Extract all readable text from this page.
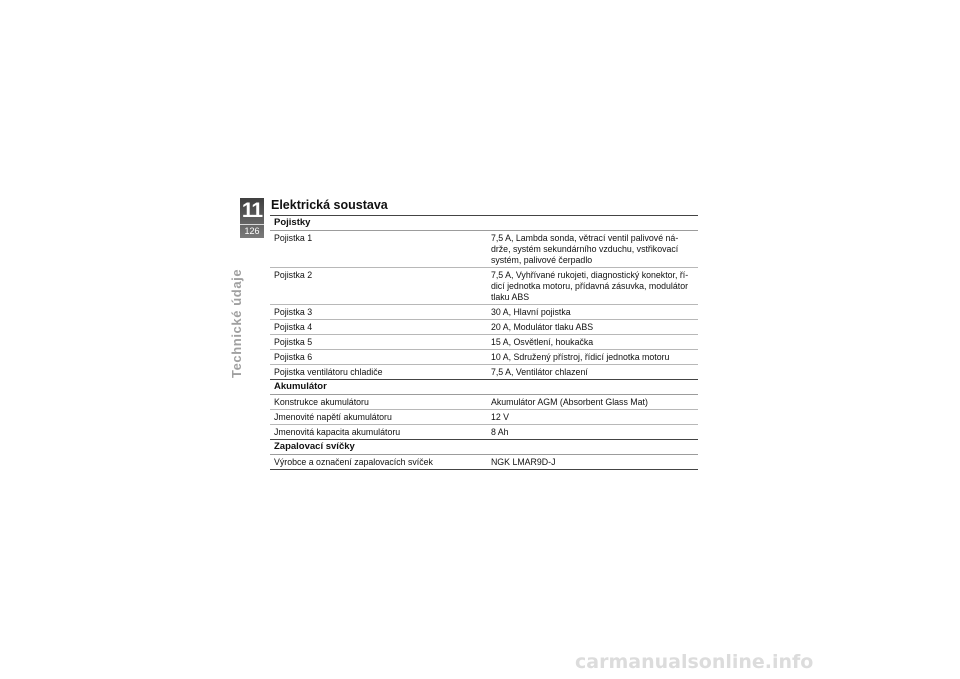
11
126
Technické údaje
Elektrická soustava
Pojistky
Pojistka 1	7,5 A, Lambda sonda, větrací ventil palivové ná-
drže, systém sekundárního vzduchu, vstřikovací
systém, palivové čerpadlo
Pojistka 2	7,5 A, Vyhřívané rukojeti, diagnostický konektor, ří-
dicí jednotka motoru, přídavná zásuvka, modulátor
tlaku ABS
Pojistka 3	30 A, Hlavní pojistka
Pojistka 4	20 A, Modulátor tlaku ABS
Pojistka 5	15 A, Osvětlení, houkačka
Pojistka 6	10 A, Sdružený přístroj, řídicí jednotka motoru
Pojistka ventilátoru chladiče	7,5 A, Ventilátor chlazení
Akumulátor
Konstrukce akumulátoru	Akumulátor AGM (Absorbent Glass Mat)
Jmenovité napětí akumulátoru	12 V
Jmenovitá kapacita akumulátoru	8 Ah
Zapalovací svíčky
Výrobce a označení zapalovacích svíček	NGK LMAR9D-J
carmanualsonline.info
